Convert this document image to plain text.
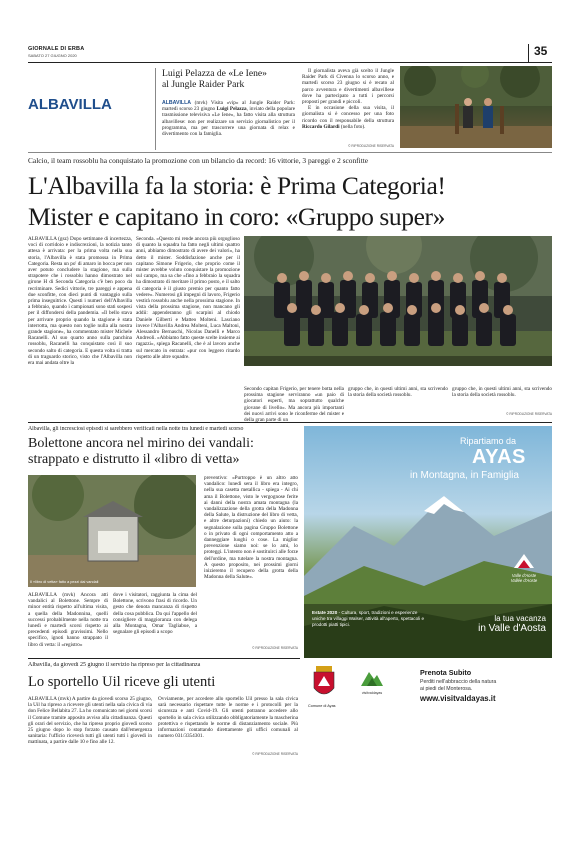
GIORNALE DI ERBA
SABATO 27 GIUGNO 2020	35
ALBAVILLA
Luigi Pelazza de «Le Iene»
al Jungle Raider Park
ALBAVILLA (mvk) Visita «vip» al Jungle Raider Park: martedì scorso 23 giugno Luigi Pelazza, inviato della popolare trasmissione televisiva «Le Iene», ha fatto visita alla struttura albavillese: non per realizzare un servizio giornalistico per il programma, ma per trascorrere una giornata di relax e divertimento con la famiglia.

Il giornalista aveva già scelto il Jungle Raider Park di Civenna lo scorso anno, e martedì scorso 23 giugno si è recato al parco avventura e divertimenti albavillese dove ha partecipato a tutti i percorsi proposti per grandi e piccoli.

E in occasione della sua visita, il giornalista si è concesso per una foto ricordo con il responsabile della struttura Riccardo Gilardi (nella foto).

© RIPRODUZIONE RISERVATA
Calcio, il team rossoblu ha conquistato la promozione con un bilancio da record: 16 vittorie, 3 pareggi e 2 sconfitte
L'Albavilla fa la storia: è Prima Categoria!
Mister e capitano in coro: «Gruppo super»

ALBAVILLA (gsz) Dopo settimane di incertezza, voci di corridoio e indiscrezioni, la notizia tanto attesa è arrivata: per la prima volta nella sua storia, l'Albavilla è stata promossa in Prima Categoria. Resta un po' di amaro in bocca per non aver potuto concludere la stagione, ma sulla strapotere che i rossoblu hanno dimostrato nel girone H di Seconda Categoria c'è ben poco da recriminare. Sedici vittorie, tre pareggi e appena due sconfitte, con dieci punti di vantaggio sulla prima inseguitrice. Questi i numeri dell'Albavilla a febbraio, quando i campionati sono stati sospesi per il diffondersi della pandemia. «Il bello stava per arrivare proprio quando la stagione è stata interrotta, ma questo non toglie nulla alla nostra grande stagione», ha commentato mister Michele Racanelli. Al suo quarto anno sulla panchina rossoblu, Racanelli ha conquistato così il suo secondo salto di categoria. E questa volta si tratta di un traguardo storico, visto che l'Albavilla non era mai andata oltre la

Seconda. «Questo mi rende ancora più orgoglioso di quanto la squadra ha fatto negli ultimi quattro anni, abbiamo dimostrato di avere dei valori», ha detto il mister. Soddisfazione anche per il capitano Simone Frigerio, che proprio come il mister avrebbe voluto conquistare la promozione sul campo, ma sa che «fino a febbraio la squadra ha dimostrato di meritare il primo posto, e il salto di categoria è il giusto premio per quanto fatto vedere». Numerosi gli impegni di lavoro, Frigerio vestirà rossoblu anche nella prossima stagione. In vista della prossima stagione, non mancano gli addii: appenderanno gli scarpini al chiodo Daniele Gilberti e Matteo Molteni. Lasciano invece l'Albavilla Andrea Molteni, Luca Maltoni, Alessandro Bernaschi, Nicolas Danelli e Marco Andreoli. «Abbiamo fatto queste scelte insieme ai ragazzi», spiega Racanelli, che è al lavoro anche sul mercato in entrata: «pur con leggero ritardo rispetto alle altre squadre.

As Albavilla ha conquistato la Prima Categoria

Secondo capitan Frigerio, per tenere botta nella prossima stagione serviranno «un paio di giocatori esperti, ma soprattutto qualche giovane di livello». Ma ancora più importanti dei nuovi arrivi sono le riconferme del mister e della gran parte di un

gruppo che, in questi ultimi anni, sta scrivendo la storia della società rossoblu.

gruppo che, in questi ultimi anni, sta scrivendo la storia della società rossoblu.

© RIPRODUZIONE RISERVATA
Albavilla, gli incresciosi episodi si sarebbero verificati nella notte tra lunedì e martedì scorso
Bolettone ancora nel mirino dei vandali:
strappato e distrutto il «libro di vetta»
Il «libro di vetta» fatto a pezzi dai vandali

ALBAVILLA (mvk) Ancora atti vandalici al Bolettone. Sempre di minor entità rispetto all'ultima visita, a quella della Madonnina, quelli successi probabilmente nella notte tra lunedì e martedì scorsi rispetto ai precedenti episodi gravissimi. Nello specifico, ignoti hanno strappato il libro di vetta: il «registro»

dove i visitatori, raggiunta la cima del Bolettone, scrivono frasi di ricordo. Un gesto che denota mancanza di rispetto della cosa pubblica. Da qui l'appello del consigliere di maggioranza con delega alla Montagna, Omar Tagliabue, a segnalare gli episodi a scopo

preventivo: «Purtroppo è un altro atto vandalico: lunedì sera il libro era integro, nella sua casetta metallica - spiega - Ai chi ama il Bolettone, visto le vergognose ferite ai danni della nostra amata montagna (la vandalizzazione della grotta della Madonna della Salute, la distruzione del libro di vetta, e altre deturpazioni) chiedo un aiuto: la segnalazione sulla pagina Gruppo Bolettone o in privato di ogni comportamento atto a danneggiare luoghi o cose. La miglior prevenzione siamo noi: se lo ami, lo proteggi. L'intento non è sostituirci alle forze dell'ordine, ma tutelare la nostra montagna. A questo proposito, nei prossimi giorni inizieremo il recupero della grotta della Madonna della Salute».

© RIPRODUZIONE RISERVATA
Ripartiamo da
AYAS
in Montagna, in Famiglia
Valle d'Aoste
Vallée d'Aoste
Estate 2020 - Cultura, sport, tradizioni e esperienze uniche tra villaggi Walser, attività all'aperto, spettacoli e prodotti piatti tipici.
la tua vacanza
in Valle d'Aosta
Comune di Ayas
visitvaldayas
Prenota Subito
Perditi nell'abbraccio della natura
ai piedi del Monterosa.
www.visitvaldayas.it
Albavilla, da giovedì 25 giugno il servizio ha ripreso per la cittadinanza
Lo sportello Uil riceve gli utenti

ALBAVILLA (mvk) A partire da giovedì scorso 25 giugno, la Uil ha ripreso a ricevere gli utenti nella sala civica di via don Felice Bellabita 27. La ho comunicato nei giorni scorsi il Comune tramite apposito avviso alla cittadinanza. Questi gli orari del servizio, che ha ripreso proprio giovedì scorso 25 giugno dopo lo stop forzato causato dall'emergenza sanitaria: l'ufficio riceverà tutti gli utenti tutti i giovedì in mattinata, a partire dalle 10 e fino alle 12.

Ovviamente, per accedere allo sportello Uil presso la sala civica sarà necessario rispettare tutte le norme e i protocolli per la sicurezza e anti Covid-19. Gli utenti potranno accedere allo sportello in sala civica utilizzando obbligatoriamente la mascherina protettiva e rispettando le norme di distanziamento sociale. Più informazioni contattando direttamente gli uffici comunali al numero 031/3354301.

© RIPRODUZIONE RISERVATA
